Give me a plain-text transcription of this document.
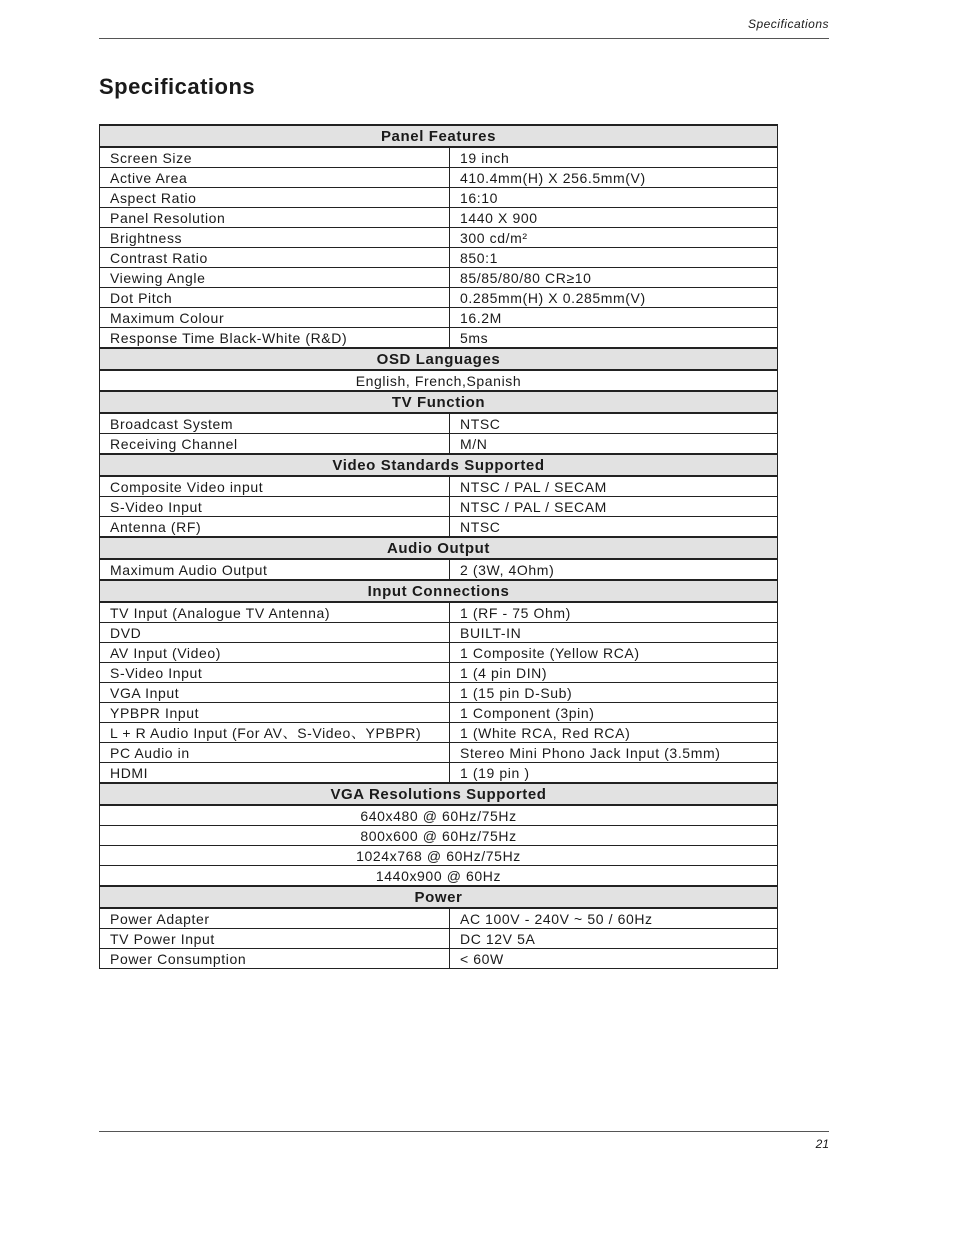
Specifications
Specifications
Panel Features	
Screen Size	19 inch
Active Area	410.4mm(H) X 256.5mm(V)
Aspect Ratio	16:10
Panel Resolution	1440 X 900
Brightness	300 cd/m²
Contrast Ratio	850:1
Viewing Angle	85/85/80/80 CR≥10
Dot Pitch	0.285mm(H) X 0.285mm(V)
Maximum Colour	16.2M
Response Time Black-White (R&D)	5ms
OSD Languages	
English, French,Spanish	
TV Function	
Broadcast System	NTSC
Receiving Channel	M/N
Video Standards Supported	
Composite Video input	NTSC / PAL / SECAM
S-Video Input	NTSC / PAL / SECAM
Antenna (RF)	NTSC
Audio Output	
Maximum Audio Output	2 (3W, 4Ohm)
Input Connections	
TV Input (Analogue TV Antenna)	1 (RF - 75 Ohm)
DVD	BUILT-IN
AV Input (Video)	1 Composite (Yellow RCA)
S-Video Input	1 (4 pin DIN)
VGA Input	1 (15 pin D-Sub)
YPBPR Input	1 Component (3pin)
L + R Audio Input (For AV、S-Video、YPBPR)	1 (White RCA, Red RCA)
PC Audio in	Stereo Mini Phono Jack Input (3.5mm)
HDMI	1 (19 pin )
VGA Resolutions Supported	
640x480 @ 60Hz/75Hz	
800x600 @ 60Hz/75Hz	
1024x768 @ 60Hz/75Hz	
1440x900 @ 60Hz	
Power	
Power Adapter	AC 100V - 240V ~ 50 / 60Hz
TV Power Input	DC 12V 5A
Power Consumption	< 60W
21
